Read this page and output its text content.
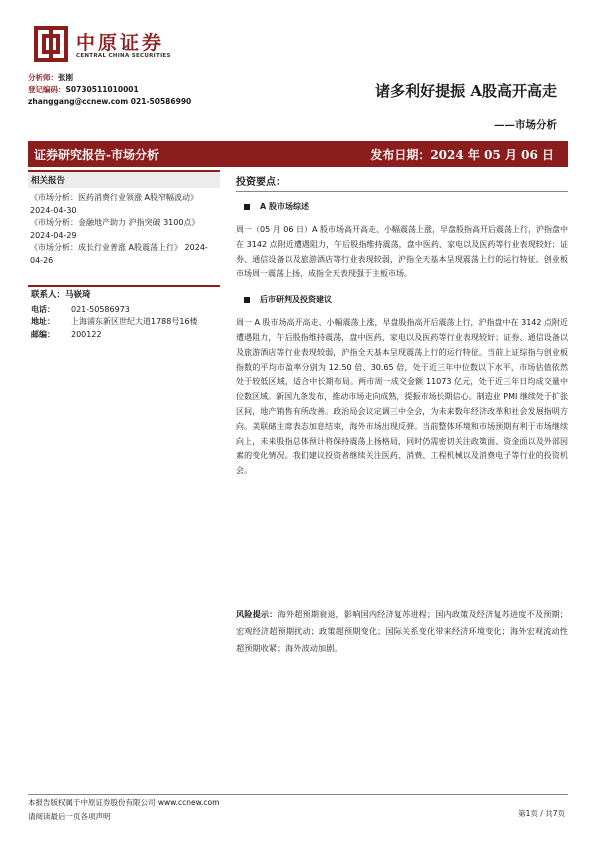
中原证券
CENTRAL CHINA SECURITIES
分析师：张刚
登记编码：S0730511010001
zhanggang@ccnew.com 021-50586990
诸多利好提振 A股高开高走
——市场分析
证券研究报告-市场分析	发布日期：2024 年 05 月 06 日
相关报告

《市场分析：医药消费行业领涨 A股窄幅波动》 2024-04-30

《市场分析：金融地产助力 沪指突破 3100点》 2024-04-29

《市场分析：成长行业普涨 A股震荡上行》 2024-04-26

联系人：马嵚琦
电话：	021-50586973
地址：	上海浦东新区世纪大道1788号16楼
邮编：	200122
投资要点：
A 股市场综述

周一（05 月 06 日）A 股市场高开高走、小幅震荡上涨，早盘股指高开后震荡上行，沪指盘中在 3142 点附近遭遇阻力，午后股指维持震荡，盘中医药、家电以及医药等行业表现较好；证券、通信设备以及旅游酒店等行业表现较弱，沪指全天基本呈现震荡上行的运行特征。创业板市场周一震荡上扬，成指全天表现强于主板市场。

后市研判及投资建议

周一 A 股市场高开高走、小幅震荡上涨，早盘股指高开后震荡上行，沪指盘中在 3142 点附近遭遇阻力，午后股指维持震荡，盘中医药、家电以及医药等行业表现较好；证券、通信设备以及旅游酒店等行业表现较弱，沪指全天基本呈现震荡上行的运行特征。当前上证综指与创业板指数的平均市盈率分别为 12.50 倍、30.65 倍，处于近三年中位数以下水平，市场估值依然处于较低区域，适合中长期布局。两市周一成交金额 11073 亿元，处于近三年日均成交量中位数区域。新国九条发布，推动市场走向成熟，提振市场长期信心。制造业 PMI 继续处于扩张区间，地产销售有所改善。政治局会议定调三中全会，为未来数年经济改革和社会发展指明方向。美联储主席表态加息结束，海外市场出现反弹。当前整体环境和市场预期有利于市场继续向上，未来股指总体预计将保持震荡上扬格局，同时仍需密切关注政策面、资金面以及外部因素的变化情况。我们建议投资者继续关注医药、消费、工程机械以及消费电子等行业的投资机会。

风险提示：海外超预期衰退，影响国内经济复苏进程；国内政策及经济复苏进度不及预期；宏观经济超预期扰动；政策超预期变化；国际关系变化带来经济环境变化；海外宏观流动性超预期收紧；海外波动加剧。
本报告版权属于中原证券股份有限公司 www.ccnew.com
请阅读最后一页各项声明	第1页 / 共7页
